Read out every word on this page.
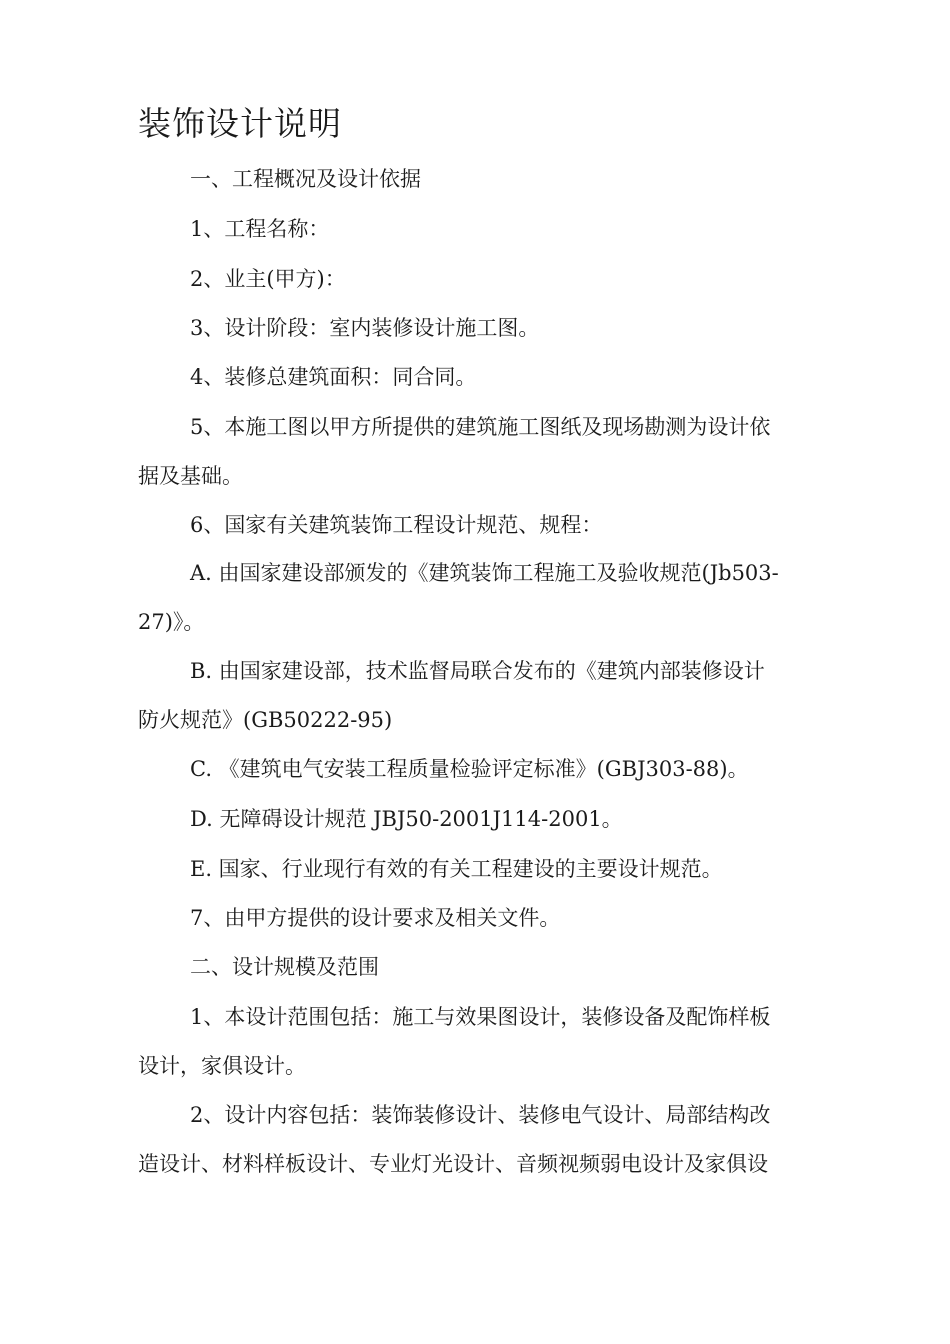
装饰设计说明
一、工程概况及设计依据
1、工程名称：
2、业主(甲方)：
3、设计阶段：室内装修设计施工图。
4、装修总建筑面积：同合同。
5、本施工图以甲方所提供的建筑施工图纸及现场勘测为设计依
据及基础。
6、国家有关建筑装饰工程设计规范、规程：
A. 由国家建设部颁发的《建筑装饰工程施工及验收规范(Jb503-
27)》。
B. 由国家建设部，技术监督局联合发布的《建筑内部装修设计
防火规范》(GB50222-95)
C. 《建筑电气安装工程质量检验评定标准》(GBJ303-88)。
D. 无障碍设计规范 JBJ50-2001J114-2001。
E. 国家、行业现行有效的有关工程建设的主要设计规范。
7、由甲方提供的设计要求及相关文件。
二、设计规模及范围
1、本设计范围包括：施工与效果图设计，装修设备及配饰样板
设计，家俱设计。
2、设计内容包括：装饰装修设计、装修电气设计、局部结构改
造设计、材料样板设计、专业灯光设计、音频视频弱电设计及家俱设
